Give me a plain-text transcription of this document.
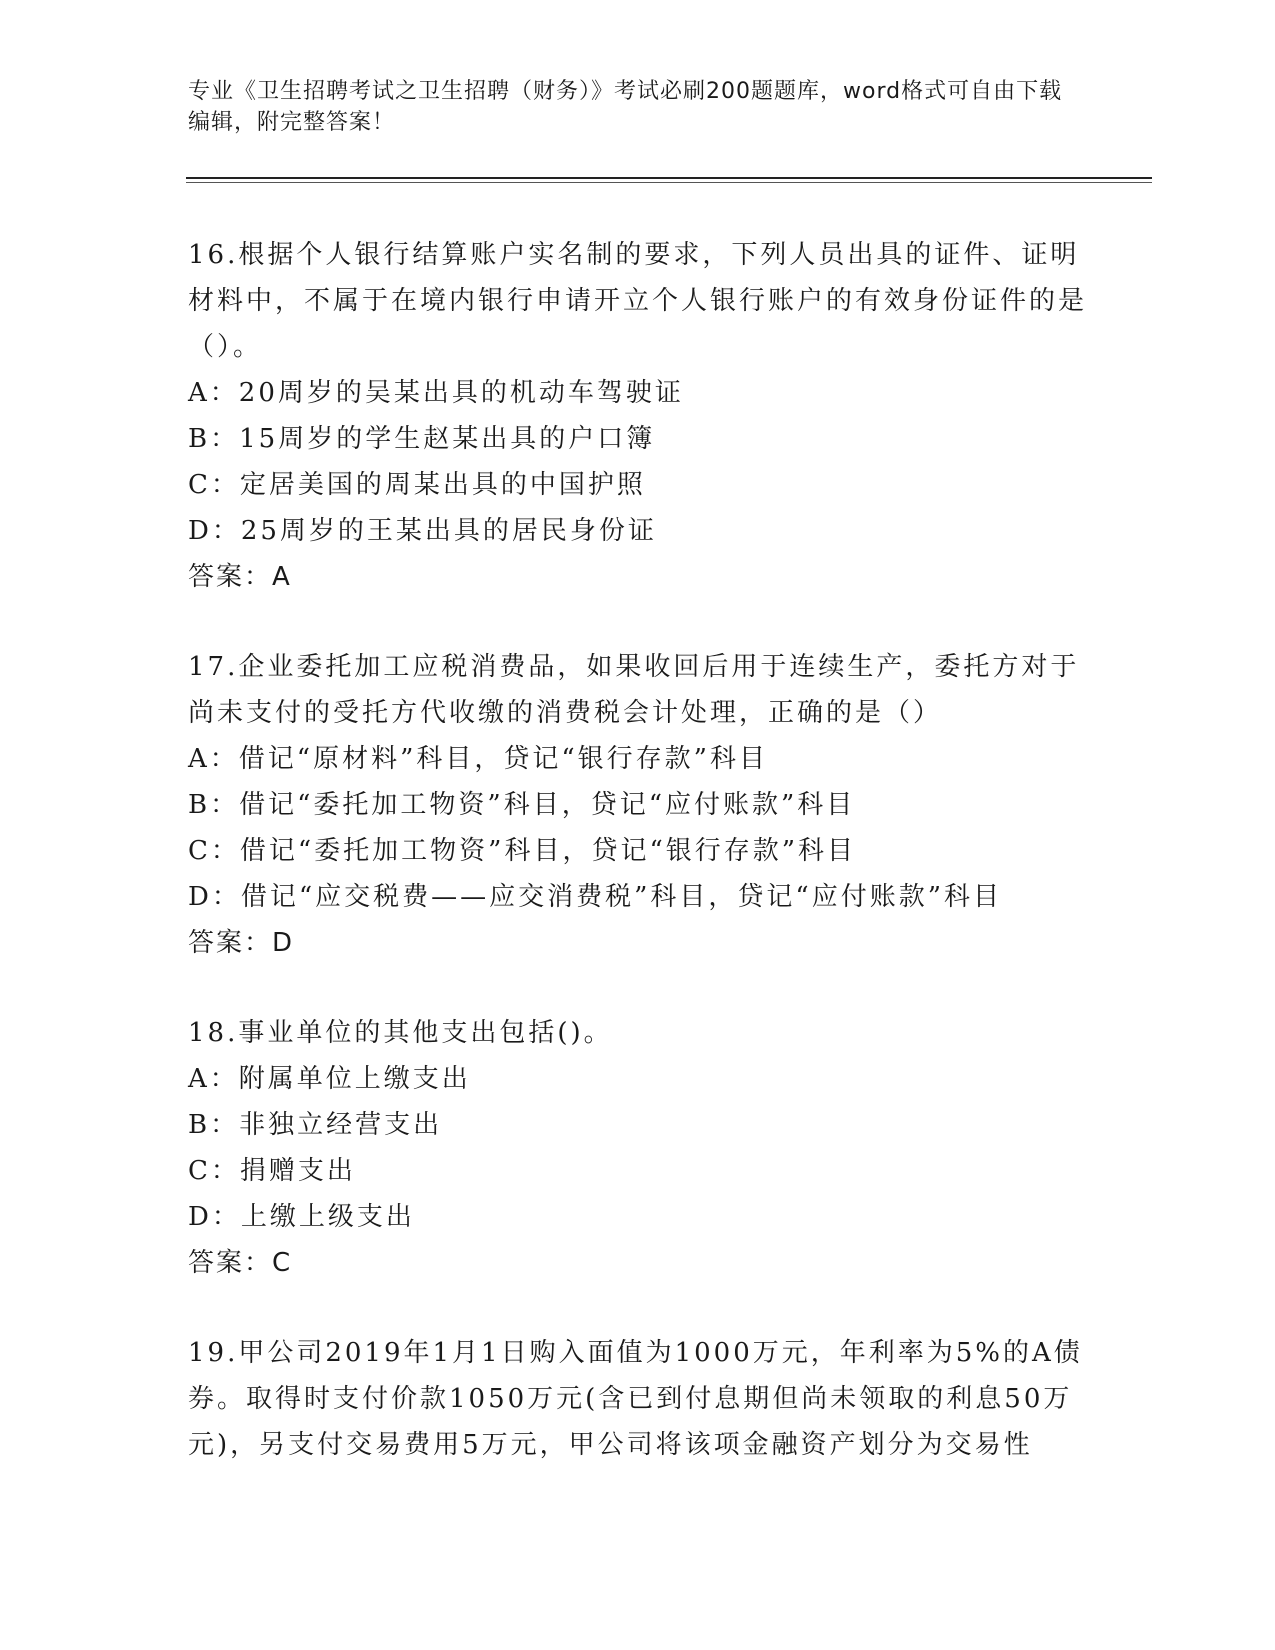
专业《卫生招聘考试之卫生招聘（财务）》考试必刷200题题库，word格式可自由下载编辑，附完整答案！
16.根据个人银行结算账户实名制的要求，下列人员出具的证件、证明材料中，不属于在境内银行申请开立个人银行账户的有效身份证件的是（）。
A：20周岁的吴某出具的机动车驾驶证
B：15周岁的学生赵某出具的户口簿
C：定居美国的周某出具的中国护照
D：25周岁的王某出具的居民身份证
答案：A
17.企业委托加工应税消费品，如果收回后用于连续生产，委托方对于尚未支付的受托方代收缴的消费税会计处理，正确的是（）
A：借记“原材料”科目，贷记“银行存款”科目
B：借记“委托加工物资”科目，贷记“应付账款”科目
C：借记“委托加工物资”科目，贷记“银行存款”科目
D：借记“应交税费——应交消费税”科目，贷记“应付账款”科目
答案：D
18.事业单位的其他支出包括()。
A：附属单位上缴支出
B：非独立经营支出
C：捐赠支出
D：上缴上级支出
答案：C
19.甲公司2019年1月1日购入面值为1000万元，年利率为5%的A债券。取得时支付价款1050万元(含已到付息期但尚未领取的利息50万元)，另支付交易费用5万元，甲公司将该项金融资产划分为交易性
